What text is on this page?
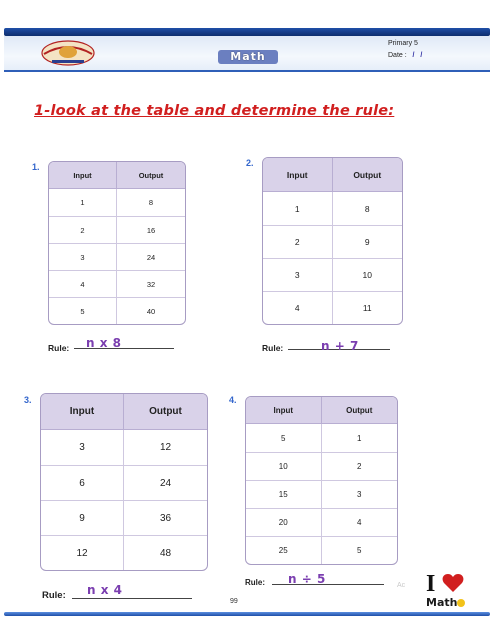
Math
Primary 5
Date : / /
1-look at the table and determine the rule:
1.
Input	Output
1	8
2	16
3	24
4	32
5	40
Rule: n x 8
2.
Input	Output
1	8
2	9
3	10
4	11
Rule:	n + 7
3.
Input	Output
3	12
6	24
9	36
12	48
Rule: n x 4
4.
Input	Output
5	1
10	2
15	3
20	4
25	5
Rule: n ÷ 5	Ac
99
I
Math
